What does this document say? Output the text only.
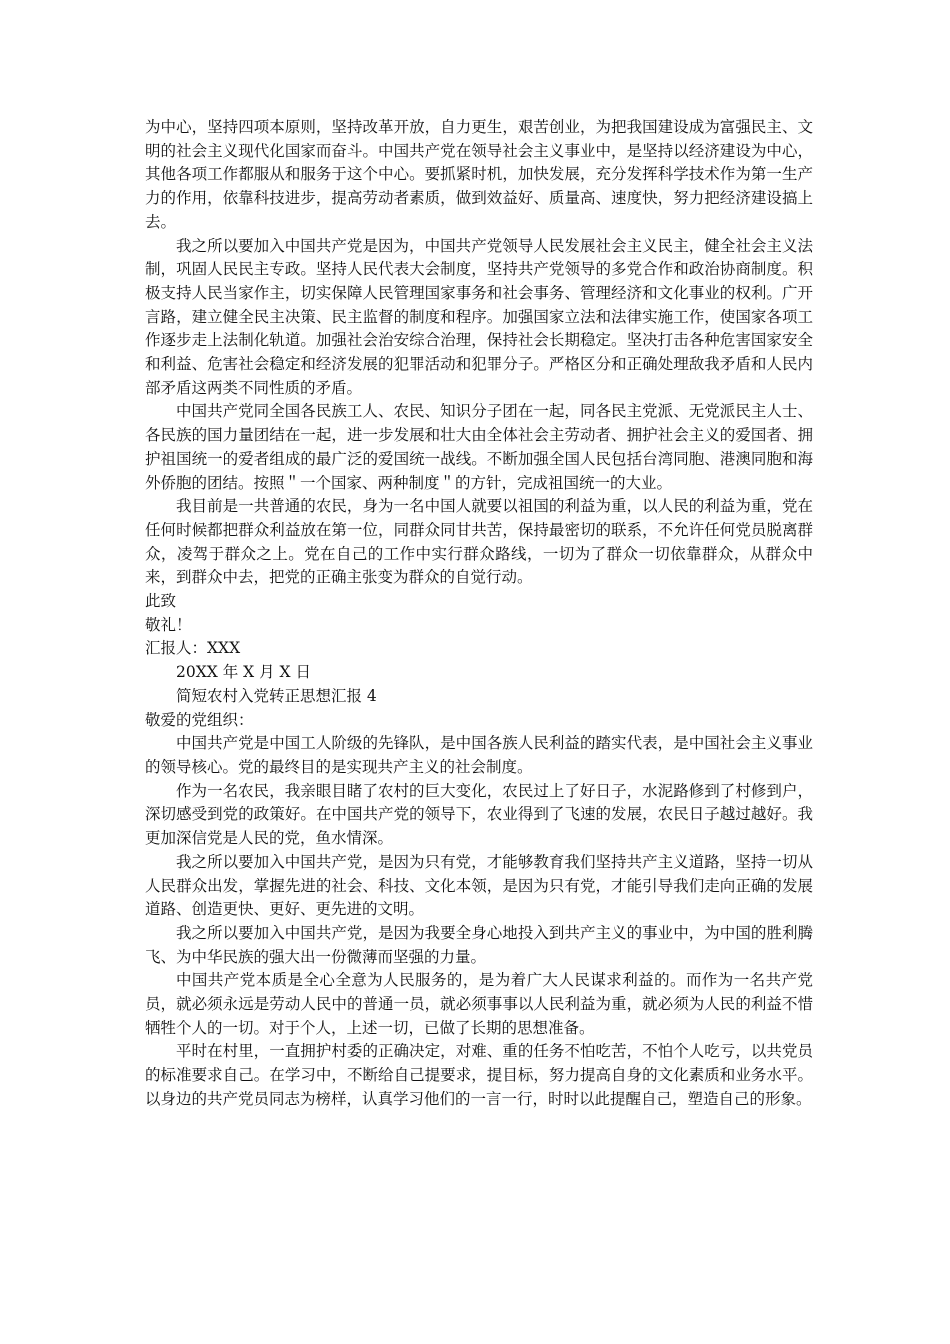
为中心，坚持四项本原则，坚持改革开放，自力更生，艰苦创业，为把我国建设成为富强民主、文明的社会主义现代化国家而奋斗。中国共产党在领导社会主义事业中，是坚持以经济建设为中心，其他各项工作都服从和服务于这个中心。要抓紧时机，加快发展，充分发挥科学技术作为第一生产力的作用，依靠科技进步，提高劳动者素质，做到效益好、质量高、速度快，努力把经济建设搞上去。

我之所以要加入中国共产党是因为，中国共产党领导人民发展社会主义民主，健全社会主义法制，巩固人民民主专政。坚持人民代表大会制度，坚持共产党领导的多党合作和政治协商制度。积极支持人民当家作主，切实保障人民管理国家事务和社会事务、管理经济和文化事业的权利。广开言路，建立健全民主决策、民主监督的制度和程序。加强国家立法和法律实施工作，使国家各项工作逐步走上法制化轨道。加强社会治安综合治理，保持社会长期稳定。坚决打击各种危害国家安全和利益、危害社会稳定和经济发展的犯罪活动和犯罪分子。严格区分和正确处理敌我矛盾和人民内部矛盾这两类不同性质的矛盾。

中国共产党同全国各民族工人、农民、知识分子团在一起，同各民主党派、无党派民主人士、各民族的国力量团结在一起，进一步发展和壮大由全体社会主劳动者、拥护社会主义的爱国者、拥护祖国统一的爱者组成的最广泛的爱国统一战线。不断加强全国人民包括台湾同胞、港澳同胞和海外侨胞的团结。按照＂一个国家、两种制度＂的方针，完成祖国统一的大业。

我目前是一共普通的农民，身为一名中国人就要以祖国的利益为重，以人民的利益为重，党在任何时候都把群众利益放在第一位，同群众同甘共苦，保持最密切的联系，不允许任何党员脱离群众，凌驾于群众之上。党在自己的工作中实行群众路线，一切为了群众一切依靠群众，从群众中来，到群众中去，把党的正确主张变为群众的自觉行动。

此致

敬礼！

汇报人：XXX

20XX 年 X 月 X 日

简短农村入党转正思想汇报 4

敬爱的党组织：

中国共产党是中国工人阶级的先锋队，是中国各族人民利益的踏实代表，是中国社会主义事业的领导核心。党的最终目的是实现共产主义的社会制度。

作为一名农民，我亲眼目睹了农村的巨大变化，农民过上了好日子，水泥路修到了村修到户，深切感受到党的政策好。在中国共产党的领导下，农业得到了飞速的发展，农民日子越过越好。我更加深信党是人民的党，鱼水情深。

我之所以要加入中国共产党，是因为只有党，才能够教育我们坚持共产主义道路，坚持一切从人民群众出发，掌握先进的社会、科技、文化本领，是因为只有党，才能引导我们走向正确的发展道路、创造更快、更好、更先进的文明。

我之所以要加入中国共产党，是因为我要全身心地投入到共产主义的事业中，为中国的胜利腾飞、为中华民族的强大出一份微薄而坚强的力量。

中国共产党本质是全心全意为人民服务的，是为着广大人民谋求利益的。而作为一名共产党员，就必须永远是劳动人民中的普通一员，就必须事事以人民利益为重，就必须为人民的利益不惜牺牲个人的一切。对于个人，上述一切，已做了长期的思想准备。

平时在村里，一直拥护村委的正确决定，对难、重的任务不怕吃苦，不怕个人吃亏，以共党员的标准要求自己。在学习中，不断给自己提要求，提目标，努力提高自身的文化素质和业务水平。以身边的共产党员同志为榜样，认真学习他们的一言一行，时时以此提醒自己，塑造自己的形象。
